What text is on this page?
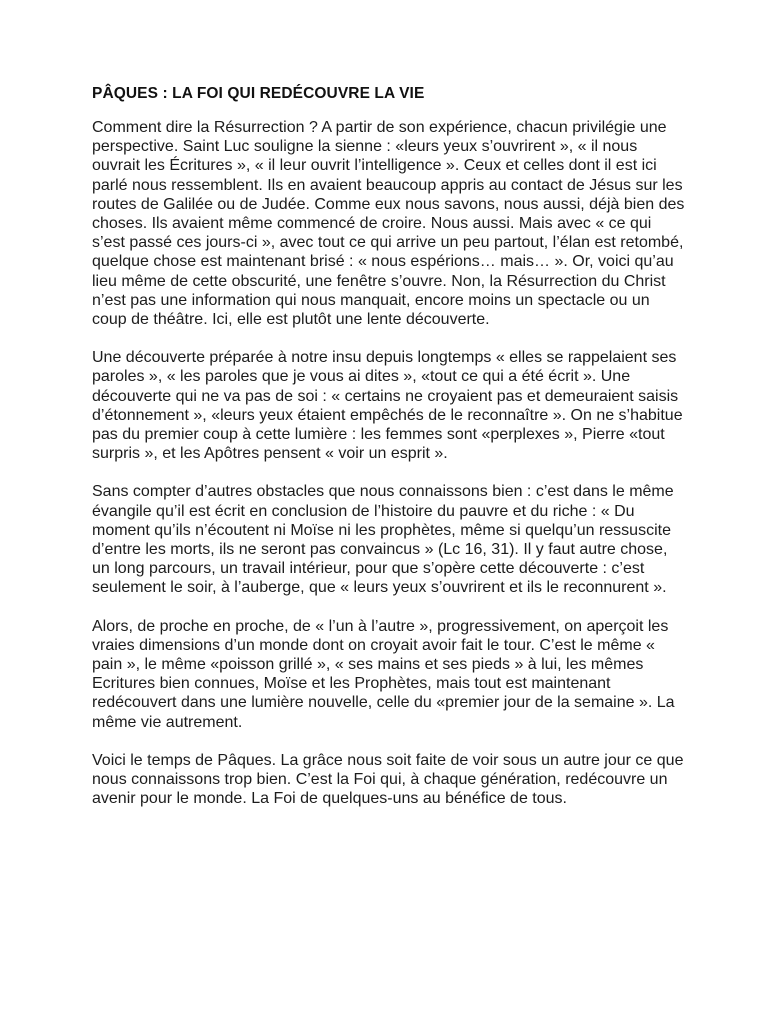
PÂQUES : LA FOI QUI REDÉCOUVRE LA VIE

Comment dire la Résurrection ? A partir de son expérience, chacun privilégie une perspective. Saint Luc souligne la sienne : «leurs yeux s’ouvrirent », « il nous ouvrait les Écritures », « il leur ouvrit l’intelligence ». Ceux et celles dont il est ici parlé nous ressemblent. Ils en avaient beaucoup appris au contact de Jésus sur les routes de Galilée ou de Judée. Comme eux nous savons, nous aussi, déjà bien des choses. Ils avaient même commencé de croire. Nous aussi. Mais avec « ce qui s’est passé ces jours-ci », avec tout ce qui arrive un peu partout, l’élan est retombé, quelque chose est maintenant brisé : « nous espérions… mais… ». Or, voici qu’au lieu même de cette obscurité, une fenêtre s’ouvre. Non, la Résurrection du Christ n’est pas une information qui nous manquait, encore moins un spectacle ou un coup de théâtre. Ici, elle est plutôt une lente découverte.

Une découverte préparée à notre insu depuis longtemps « elles se rappelaient ses paroles », « les paroles que je vous ai dites », «tout ce qui a été écrit ». Une découverte qui ne va pas de soi : « certains ne croyaient pas et demeuraient saisis d’étonnement », «leurs yeux étaient empêchés de le reconnaître ». On ne s’habitue pas du premier coup à cette lumière : les femmes sont «perplexes », Pierre «tout surpris », et les Apôtres pensent « voir un esprit ».

Sans compter d’autres obstacles que nous connaissons bien : c’est dans le même évangile qu’il est écrit en conclusion de l’histoire du pauvre et du riche : « Du moment qu’ils n’écoutent ni Moïse ni les prophètes, même si quelqu’un ressuscite d’entre les morts, ils ne seront pas convaincus » (Lc 16, 31). Il y faut autre chose, un long parcours, un travail intérieur, pour que s’opère cette découverte : c’est seulement le soir, à l’auberge, que « leurs yeux s’ouvrirent et ils le reconnurent ».

Alors, de proche en proche, de « l’un à l’autre », progressivement, on aperçoit les vraies dimensions d’un monde dont on croyait avoir fait le tour. C’est le même « pain », le même «poisson grillé », « ses mains et ses pieds » à lui, les mêmes Ecritures bien connues, Moïse et les Prophètes, mais tout est maintenant redécouvert dans une lumière nouvelle, celle du «premier jour de la semaine ». La même vie autrement.

Voici le temps de Pâques. La grâce nous soit faite de voir sous un autre jour ce que nous connaissons trop bien. C’est la Foi qui, à chaque génération, redécouvre un avenir pour le monde. La Foi de quelques-uns au bénéfice de tous.
